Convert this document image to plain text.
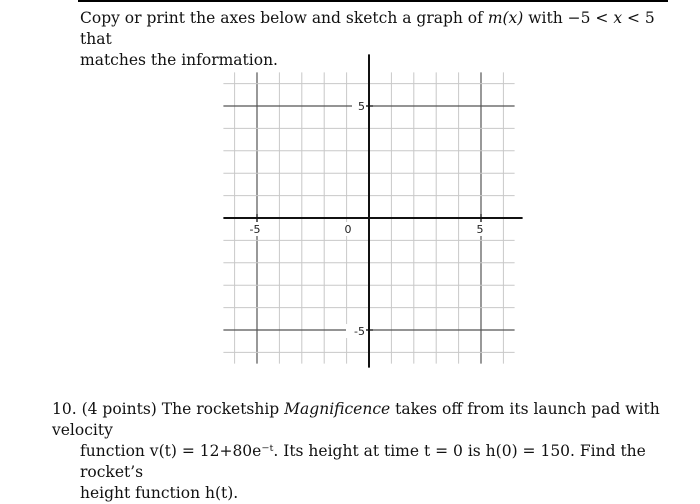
Copy or print the axes below and sketch a graph of m(x) with −5 < x < 5 that
matches the information.
-5	0	5
5
-5
10. (4 points) The rocketship Magnificence takes off from its launch pad with velocity
function v(t) = 12+80e⁻ᵗ. Its height at time t = 0 is h(0) = 150. Find the rocket’s
height function h(t).
